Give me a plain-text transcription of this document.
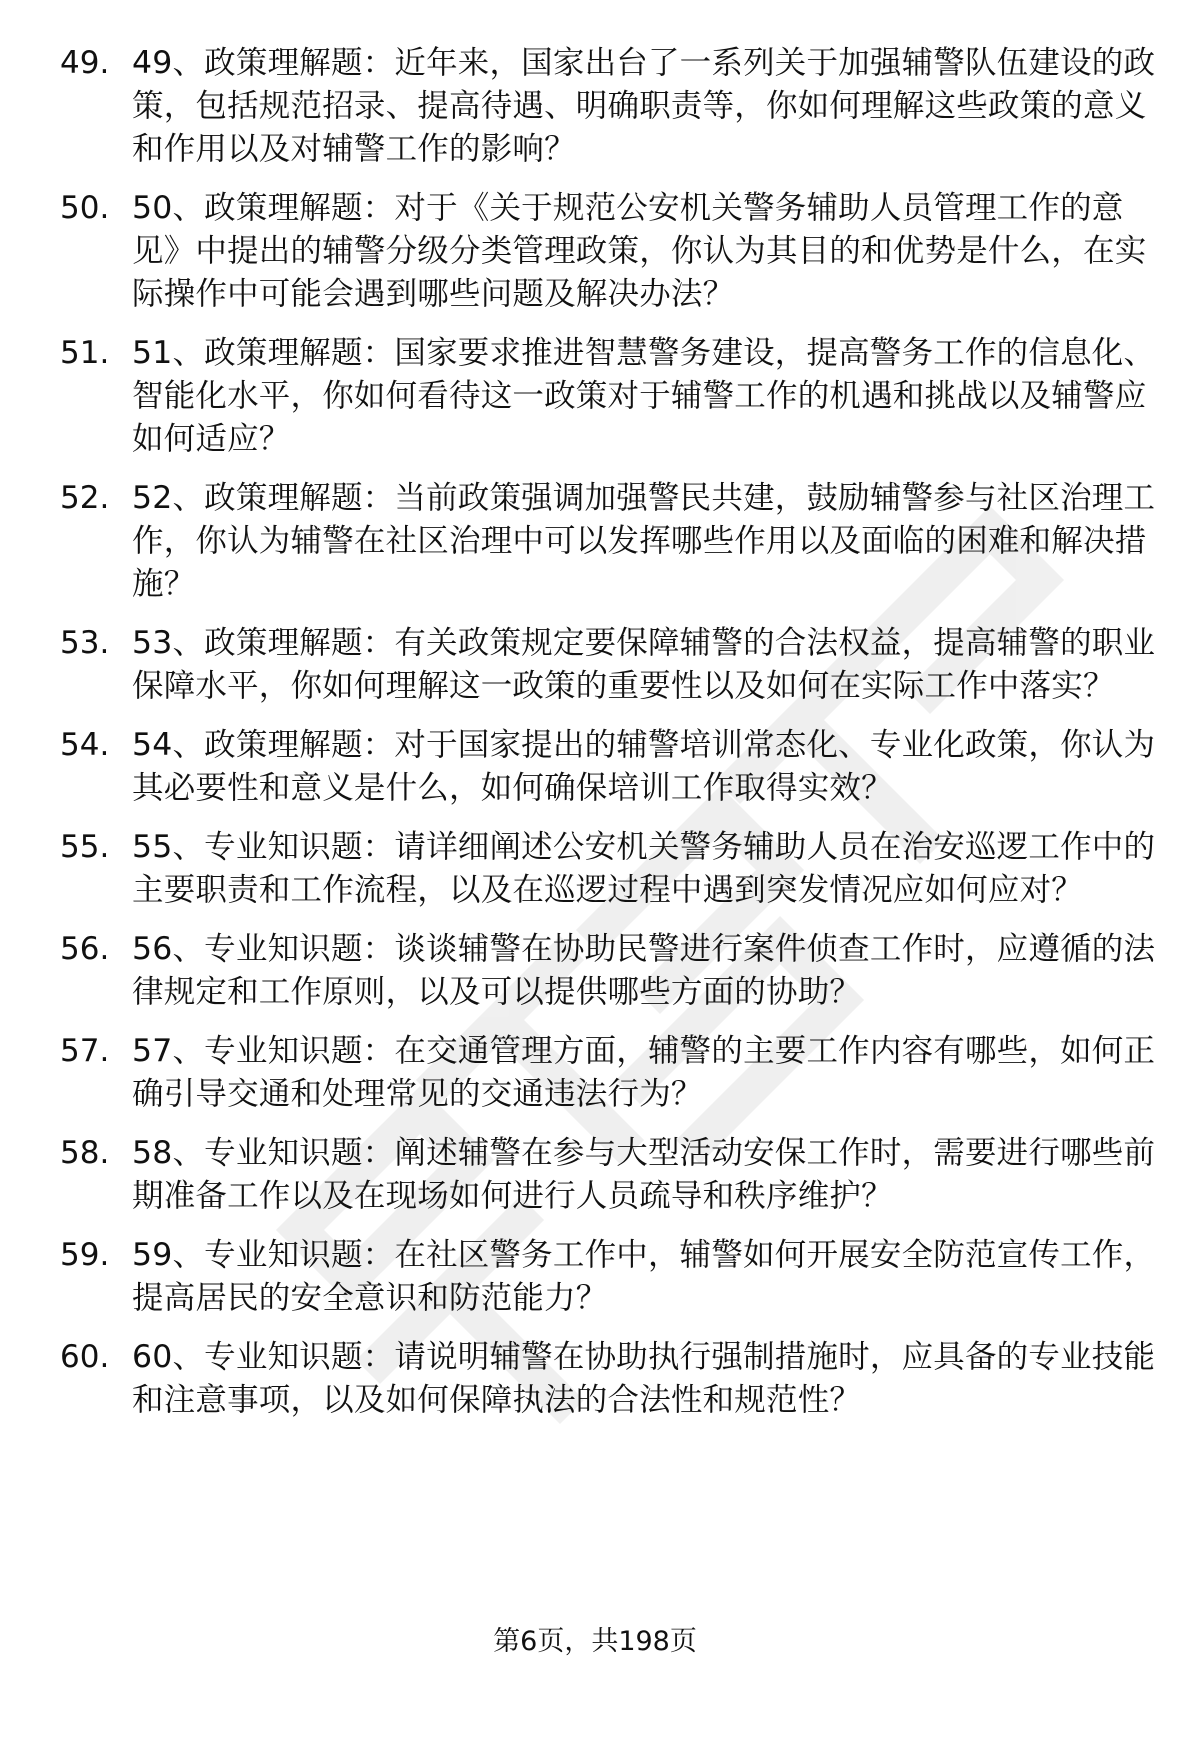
49. 49、政策理解题：近年来，国家出台了一系列关于加强辅警队伍建设的政策，包括规范招录、提高待遇、明确职责等，你如何理解这些政策的意义和作用以及对辅警工作的影响？
50. 50、政策理解题：对于《关于规范公安机关警务辅助人员管理工作的意见》中提出的辅警分级分类管理政策，你认为其目的和优势是什么，在实际操作中可能会遇到哪些问题及解决办法？
51. 51、政策理解题：国家要求推进智慧警务建设，提高警务工作的信息化、智能化水平，你如何看待这一政策对于辅警工作的机遇和挑战以及辅警应如何适应？
52. 52、政策理解题：当前政策强调加强警民共建，鼓励辅警参与社区治理工作，你认为辅警在社区治理中可以发挥哪些作用以及面临的困难和解决措施？
53. 53、政策理解题：有关政策规定要保障辅警的合法权益，提高辅警的职业保障水平，你如何理解这一政策的重要性以及如何在实际工作中落实？
54. 54、政策理解题：对于国家提出的辅警培训常态化、专业化政策，你认为其必要性和意义是什么，如何确保培训工作取得实效？
55. 55、专业知识题：请详细阐述公安机关警务辅助人员在治安巡逻工作中的主要职责和工作流程，以及在巡逻过程中遇到突发情况应如何应对？
56. 56、专业知识题：谈谈辅警在协助民警进行案件侦查工作时，应遵循的法律规定和工作原则，以及可以提供哪些方面的协助？
57. 57、专业知识题：在交通管理方面，辅警的主要工作内容有哪些，如何正确引导交通和处理常见的交通违法行为？
58. 58、专业知识题：阐述辅警在参与大型活动安保工作时，需要进行哪些前期准备工作以及在现场如何进行人员疏导和秩序维护？
59. 59、专业知识题：在社区警务工作中，辅警如何开展安全防范宣传工作，提高居民的安全意识和防范能力？
60. 60、专业知识题：请说明辅警在协助执行强制措施时，应具备的专业技能和注意事项，以及如何保障执法的合法性和规范性？
第6页，共198页
